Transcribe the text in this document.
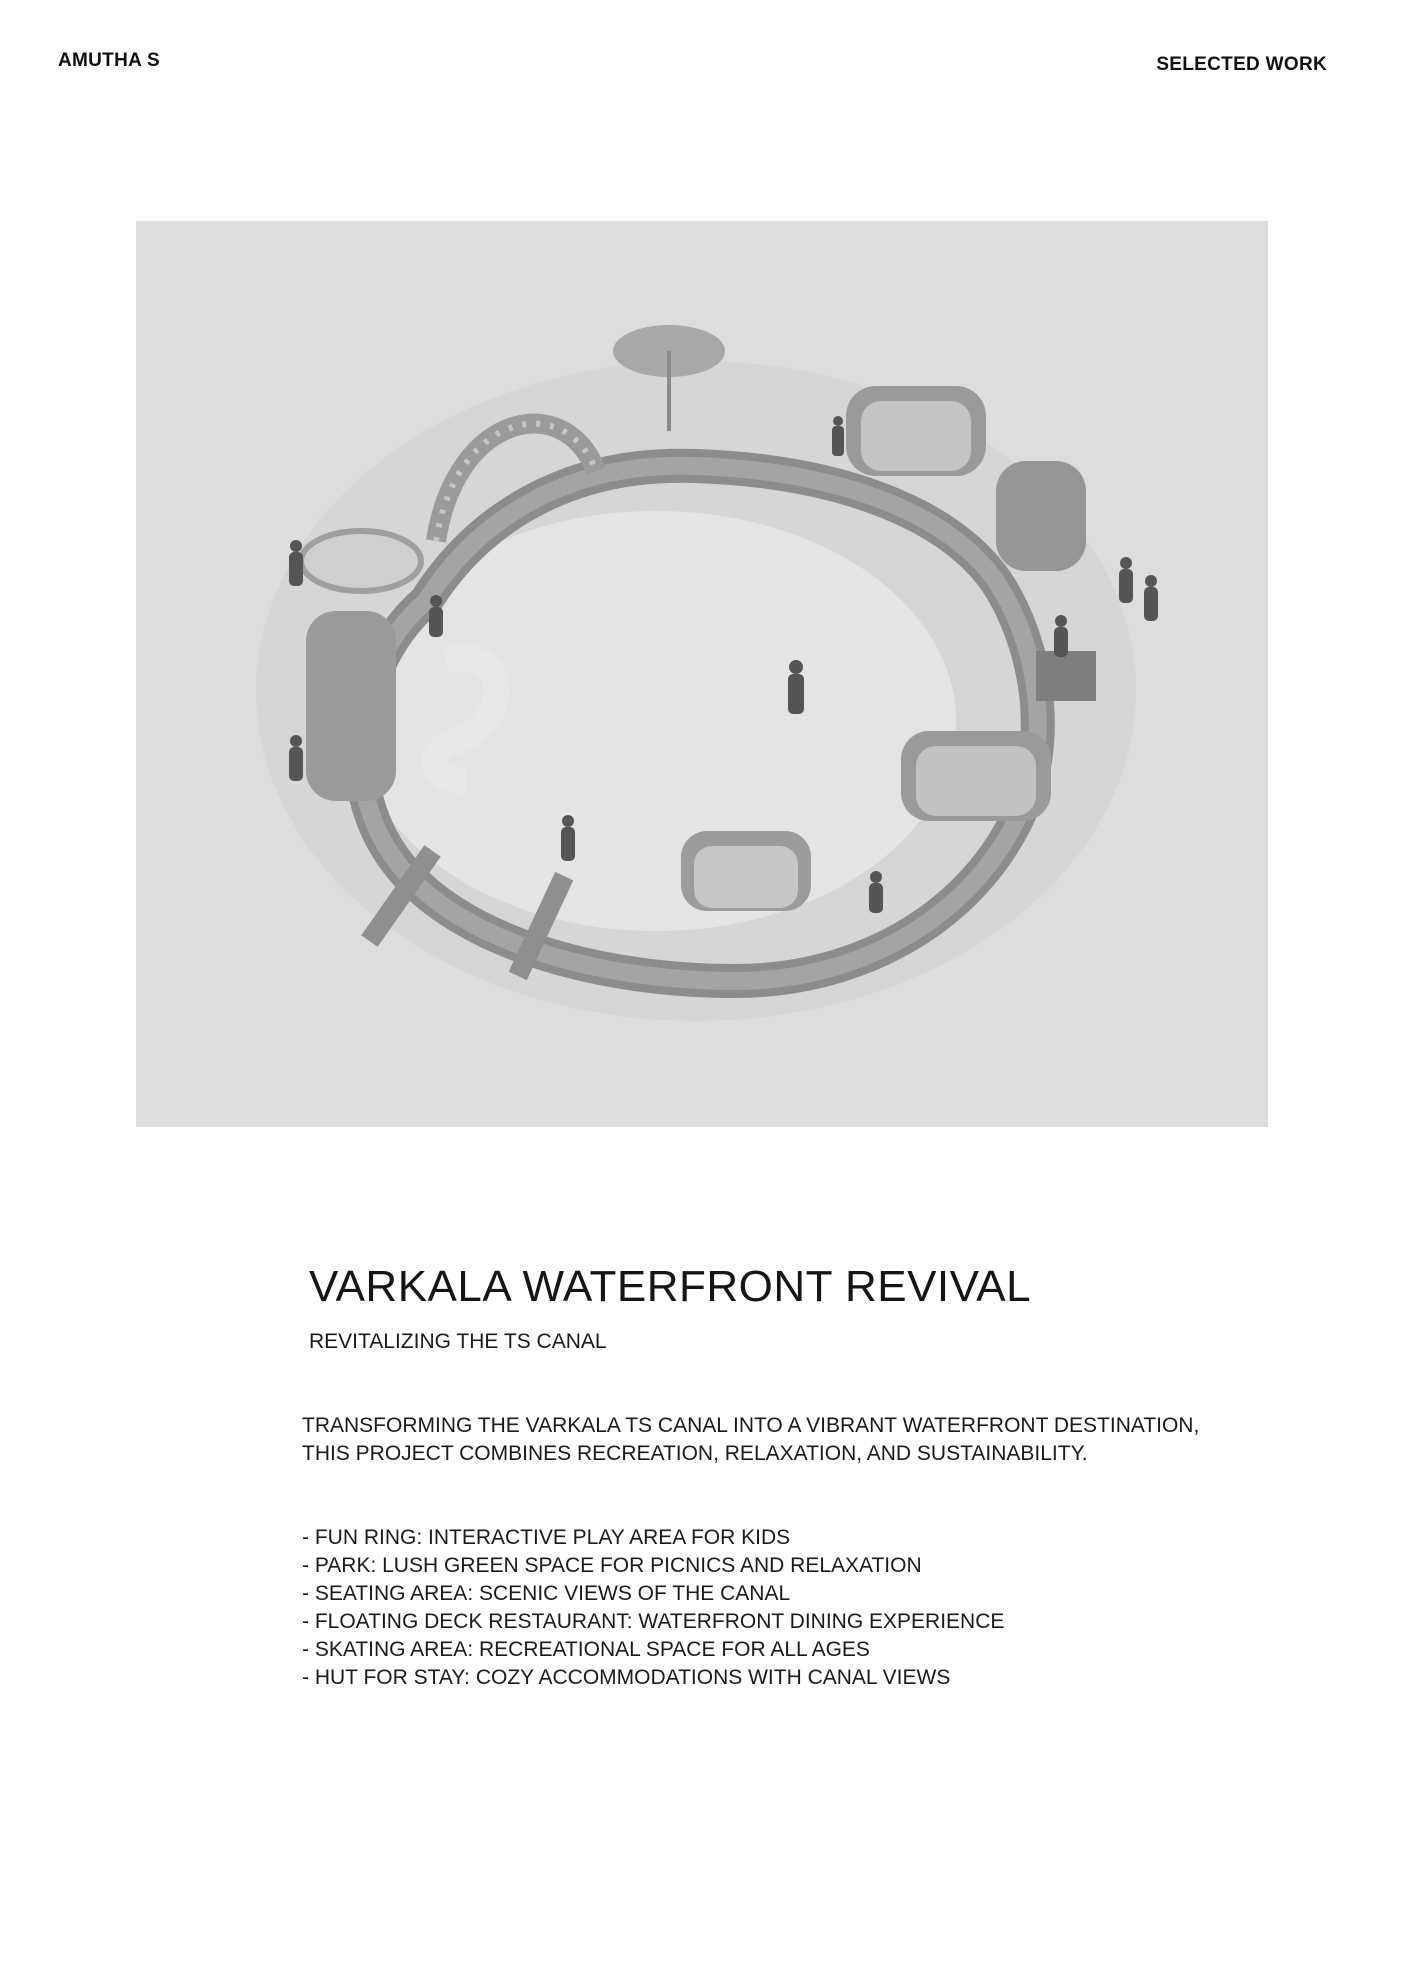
AMUTHA S	SELECTED WORK
VARKALA WATERFRONT REVIVAL
REVITALIZING THE TS CANAL
TRANSFORMING THE VARKALA TS CANAL INTO A VIBRANT WATERFRONT DESTINATION,
THIS PROJECT COMBINES RECREATION, RELAXATION, AND SUSTAINABILITY.
- FUN RING: INTERACTIVE PLAY AREA FOR KIDS
- PARK: LUSH GREEN SPACE FOR PICNICS AND RELAXATION
- SEATING AREA: SCENIC VIEWS OF THE CANAL
- FLOATING DECK RESTAURANT: WATERFRONT DINING EXPERIENCE
- SKATING AREA: RECREATIONAL SPACE FOR ALL AGES
- HUT FOR STAY: COZY ACCOMMODATIONS WITH CANAL VIEWS
